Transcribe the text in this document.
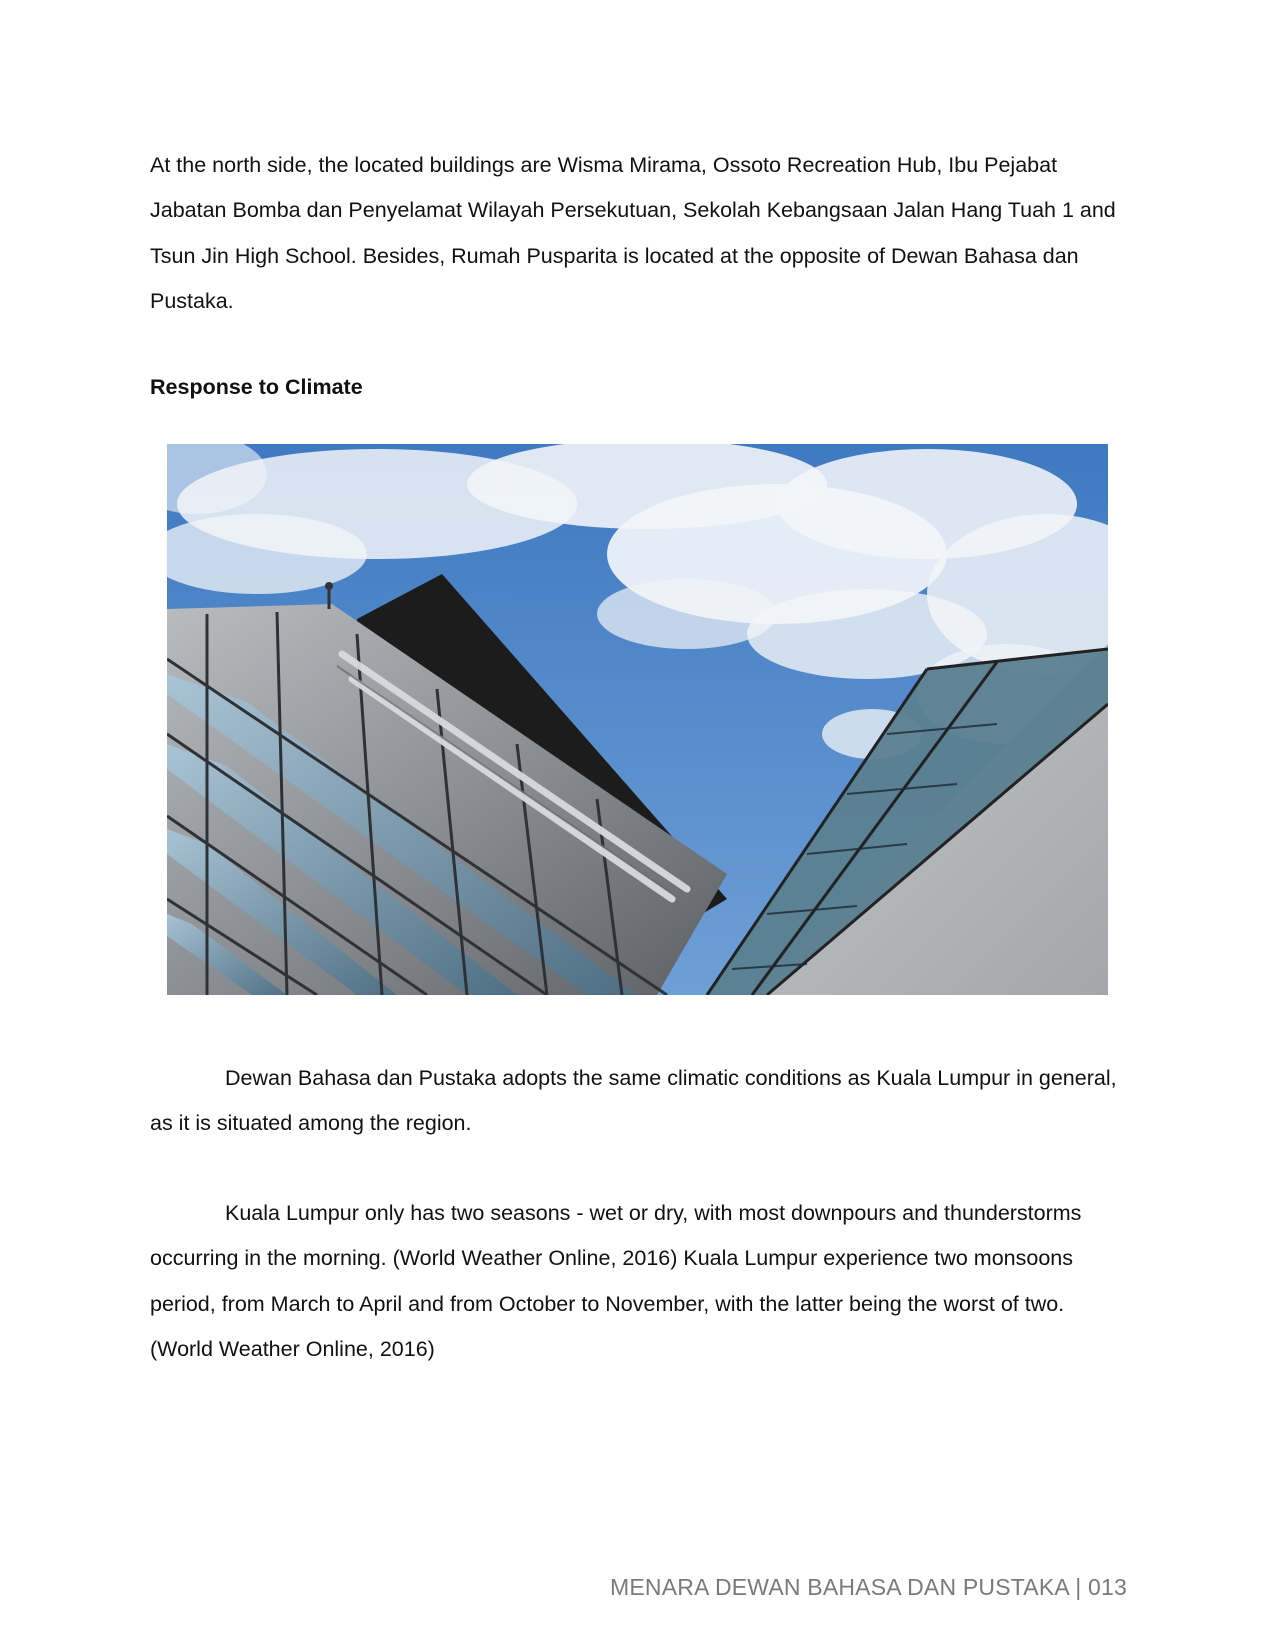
At the north side, the located buildings are Wisma Mirama, Ossoto Recreation Hub, Ibu Pejabat Jabatan Bomba dan Penyelamat Wilayah Persekutuan, Sekolah Kebangsaan Jalan Hang Tuah 1 and Tsun Jin High School. Besides, Rumah Pusparita is located at the opposite of Dewan Bahasa dan Pustaka.

Response to Climate

Dewan Bahasa dan Pustaka adopts the same climatic conditions as Kuala Lumpur in general, as it is situated among the region.

Kuala Lumpur only has two seasons - wet or dry, with most downpours and thunderstorms occurring in the morning. (World Weather Online, 2016) Kuala Lumpur experience two monsoons period, from March to April and from October to November, with the latter being the worst of two. (World Weather Online, 2016)

MENARA DEWAN BAHASA DAN PUSTAKA | 013
